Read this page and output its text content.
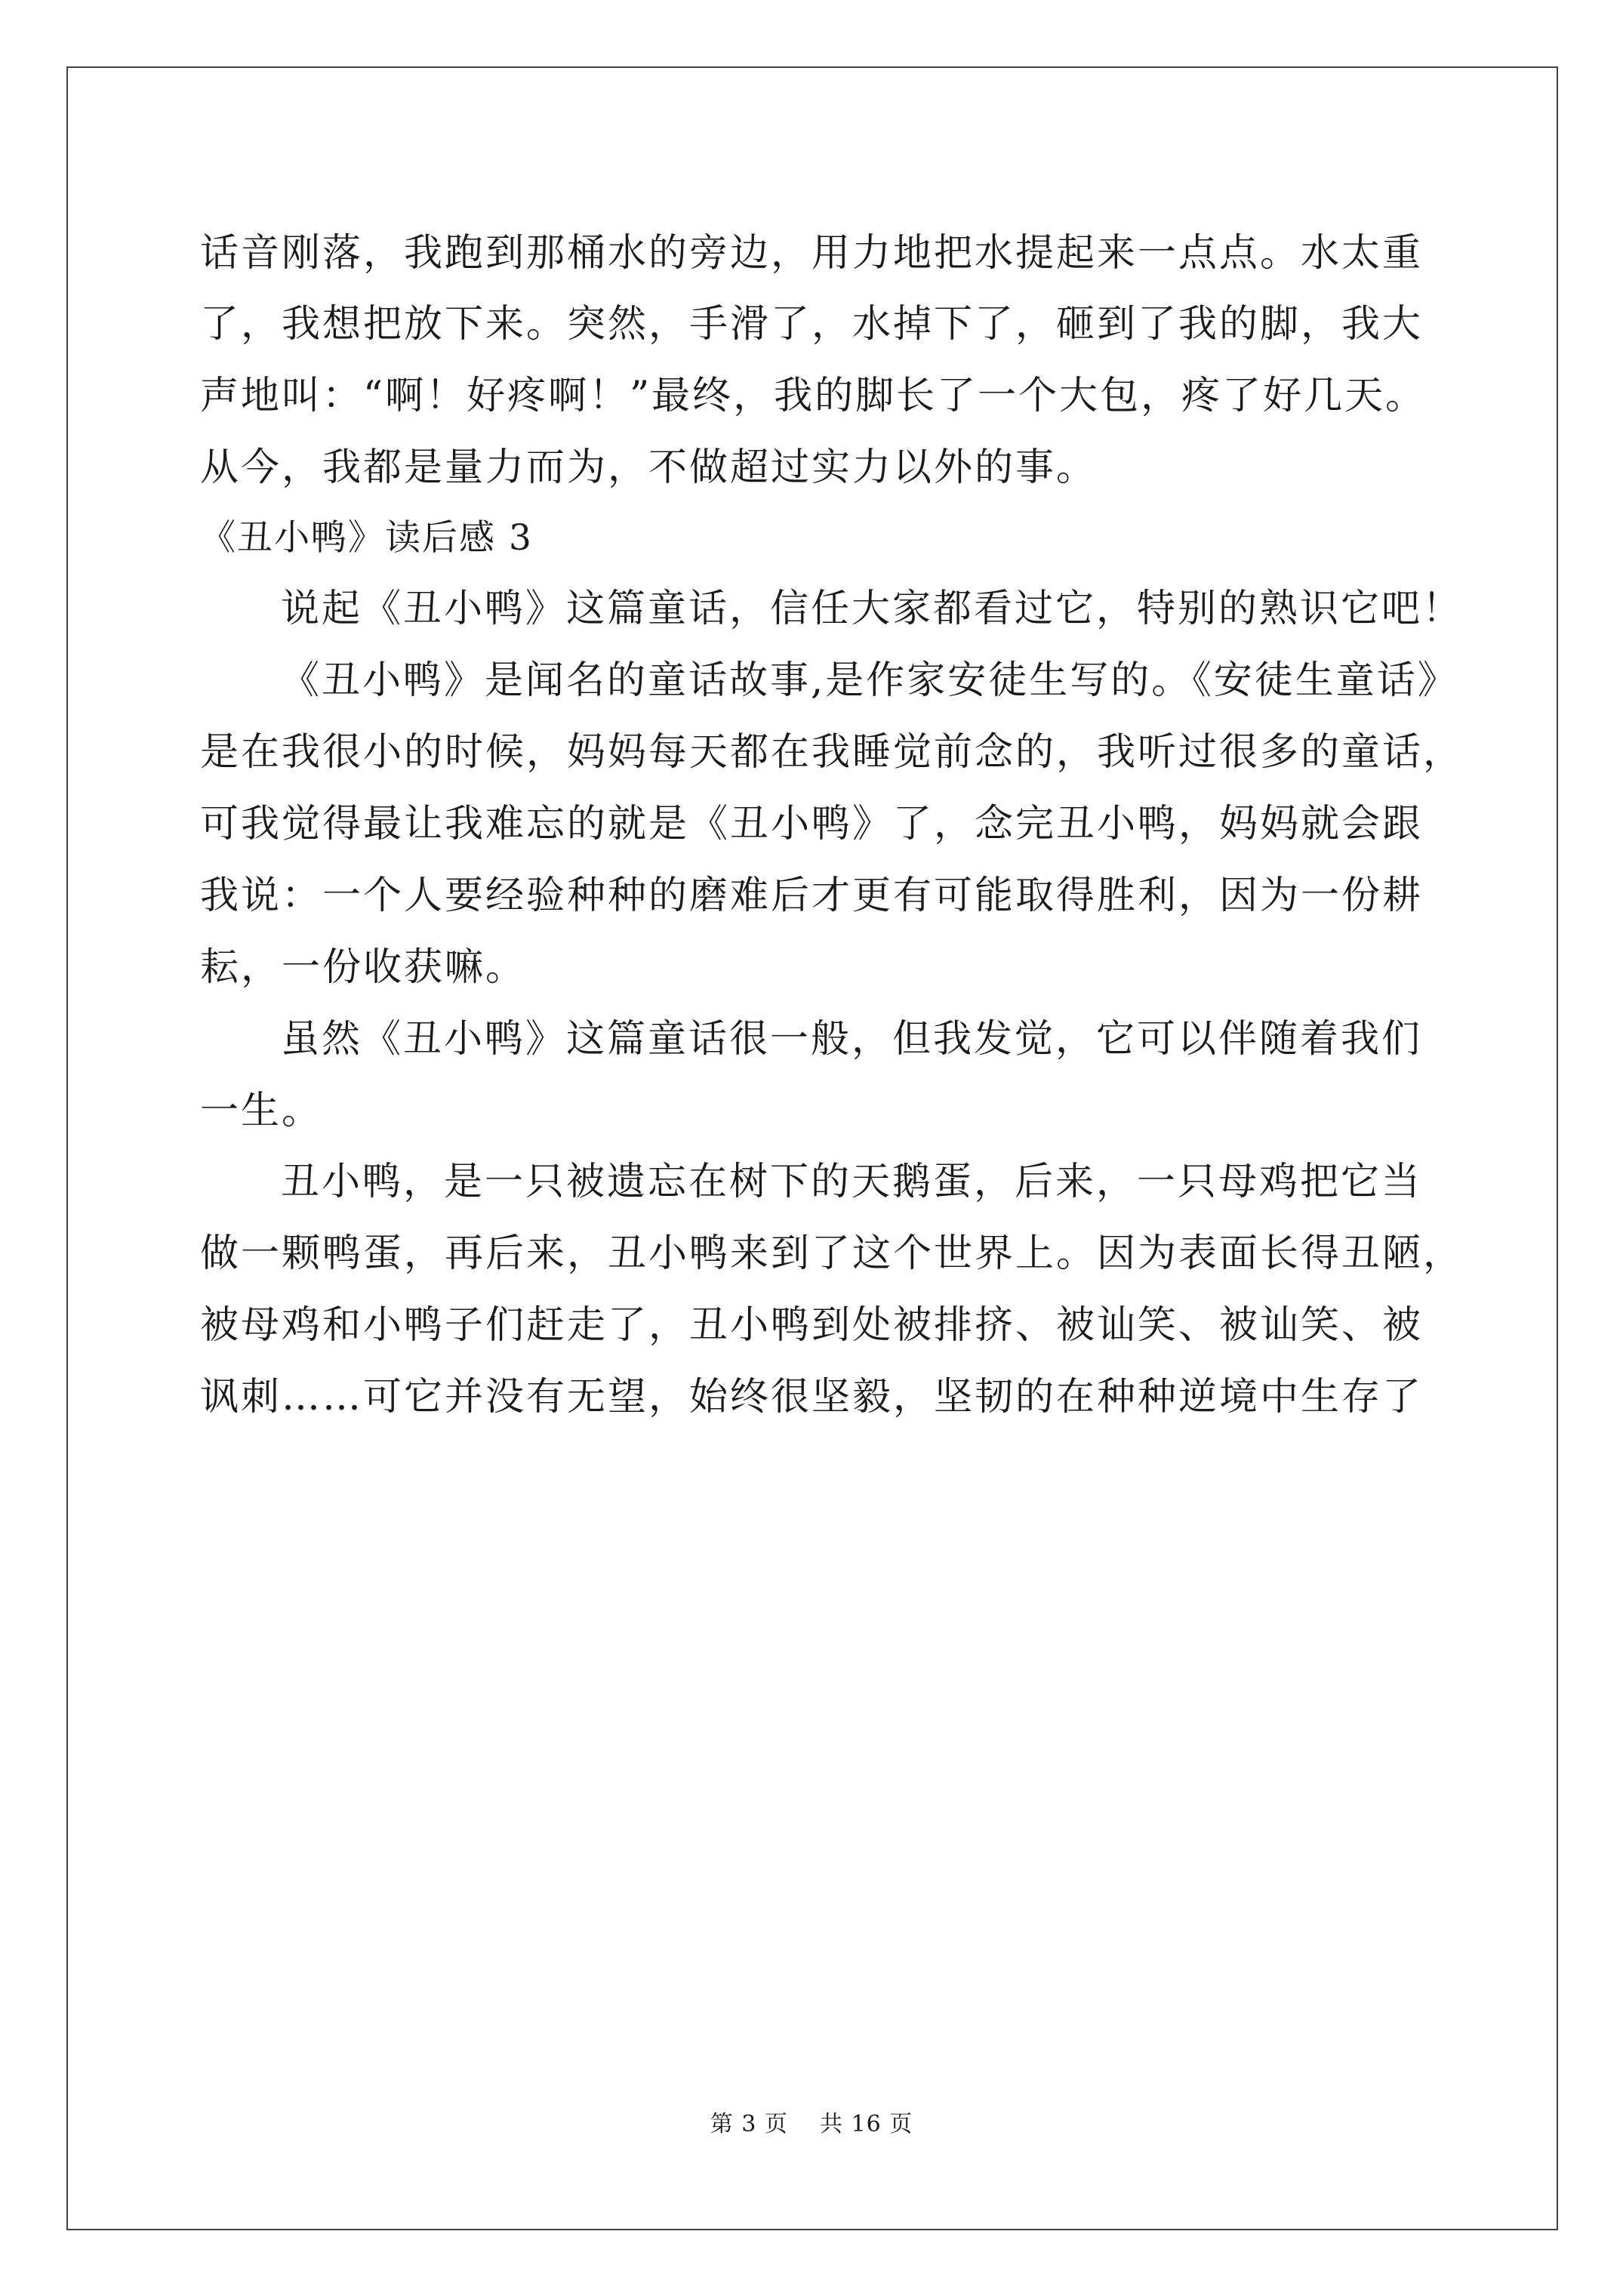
话音刚落，我跑到那桶水的旁边，用力地把水提起来一点点。水太重
了，我想把放下来。突然，手滑了，水掉下了，砸到了我的脚，我大
声地叫：“啊！好疼啊！”最终，我的脚长了一个大包，疼了好几天。
从今，我都是量力而为，不做超过实力以外的事。
《丑小鸭》读后感 3
说起《丑小鸭》这篇童话，信任大家都看过它，特别的熟识它吧！
《丑小鸭》是闻名的童话故事,是作家安徒生写的。《安徒生童话》
是在我很小的时候，妈妈每天都在我睡觉前念的，我听过很多的童话，
可我觉得最让我难忘的就是《丑小鸭》了，念完丑小鸭，妈妈就会跟
我说：一个人要经验种种的磨难后才更有可能取得胜利，因为一份耕
耘，一份收获嘛。
虽然《丑小鸭》这篇童话很一般，但我发觉，它可以伴随着我们
一生。
丑小鸭，是一只被遗忘在树下的天鹅蛋，后来，一只母鸡把它当
做一颗鸭蛋，再后来，丑小鸭来到了这个世界上。因为表面长得丑陋，
被母鸡和小鸭子们赶走了，丑小鸭到处被排挤、被讪笑、被讪笑、被
讽刺……可它并没有无望，始终很坚毅，坚韧的在种种逆境中生存了
第 3 页    共 16 页
